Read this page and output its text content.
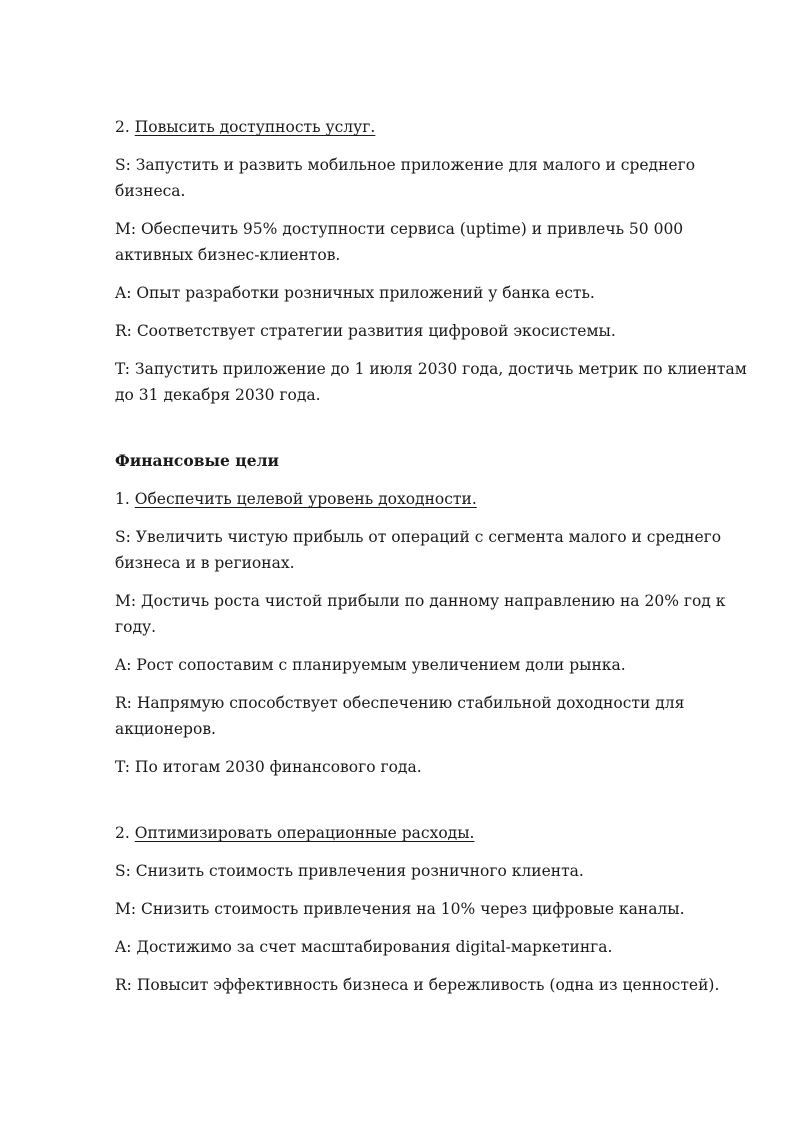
2. Повысить доступность услуг.

S: Запустить и развить мобильное приложение для малого и среднего бизнеса.

M: Обеспечить 95% доступности сервиса (uptime) и привлечь 50 000 активных бизнес-клиентов.

A: Опыт разработки розничных приложений у банка есть.

R: Соответствует стратегии развития цифровой экосистемы.

T: Запустить приложение до 1 июля 2030 года, достичь метрик по клиентам до 31 декабря 2030 года.

Финансовые цели

1. Обеспечить целевой уровень доходности.

S: Увеличить чистую прибыль от операций с сегмента малого и среднего бизнеса и в регионах.

M: Достичь роста чистой прибыли по данному направлению на 20% год к году.

A: Рост сопоставим с планируемым увеличением доли рынка.

R: Напрямую способствует обеспечению стабильной доходности для акционеров.

T: По итогам 2030 финансового года.

2. Оптимизировать операционные расходы.

S: Снизить стоимость привлечения розничного клиента.

M: Снизить стоимость привлечения на 10% через цифровые каналы.

A: Достижимо за счет масштабирования digital-маркетинга.

R: Повысит эффективность бизнеса и бережливость (одна из ценностей).
